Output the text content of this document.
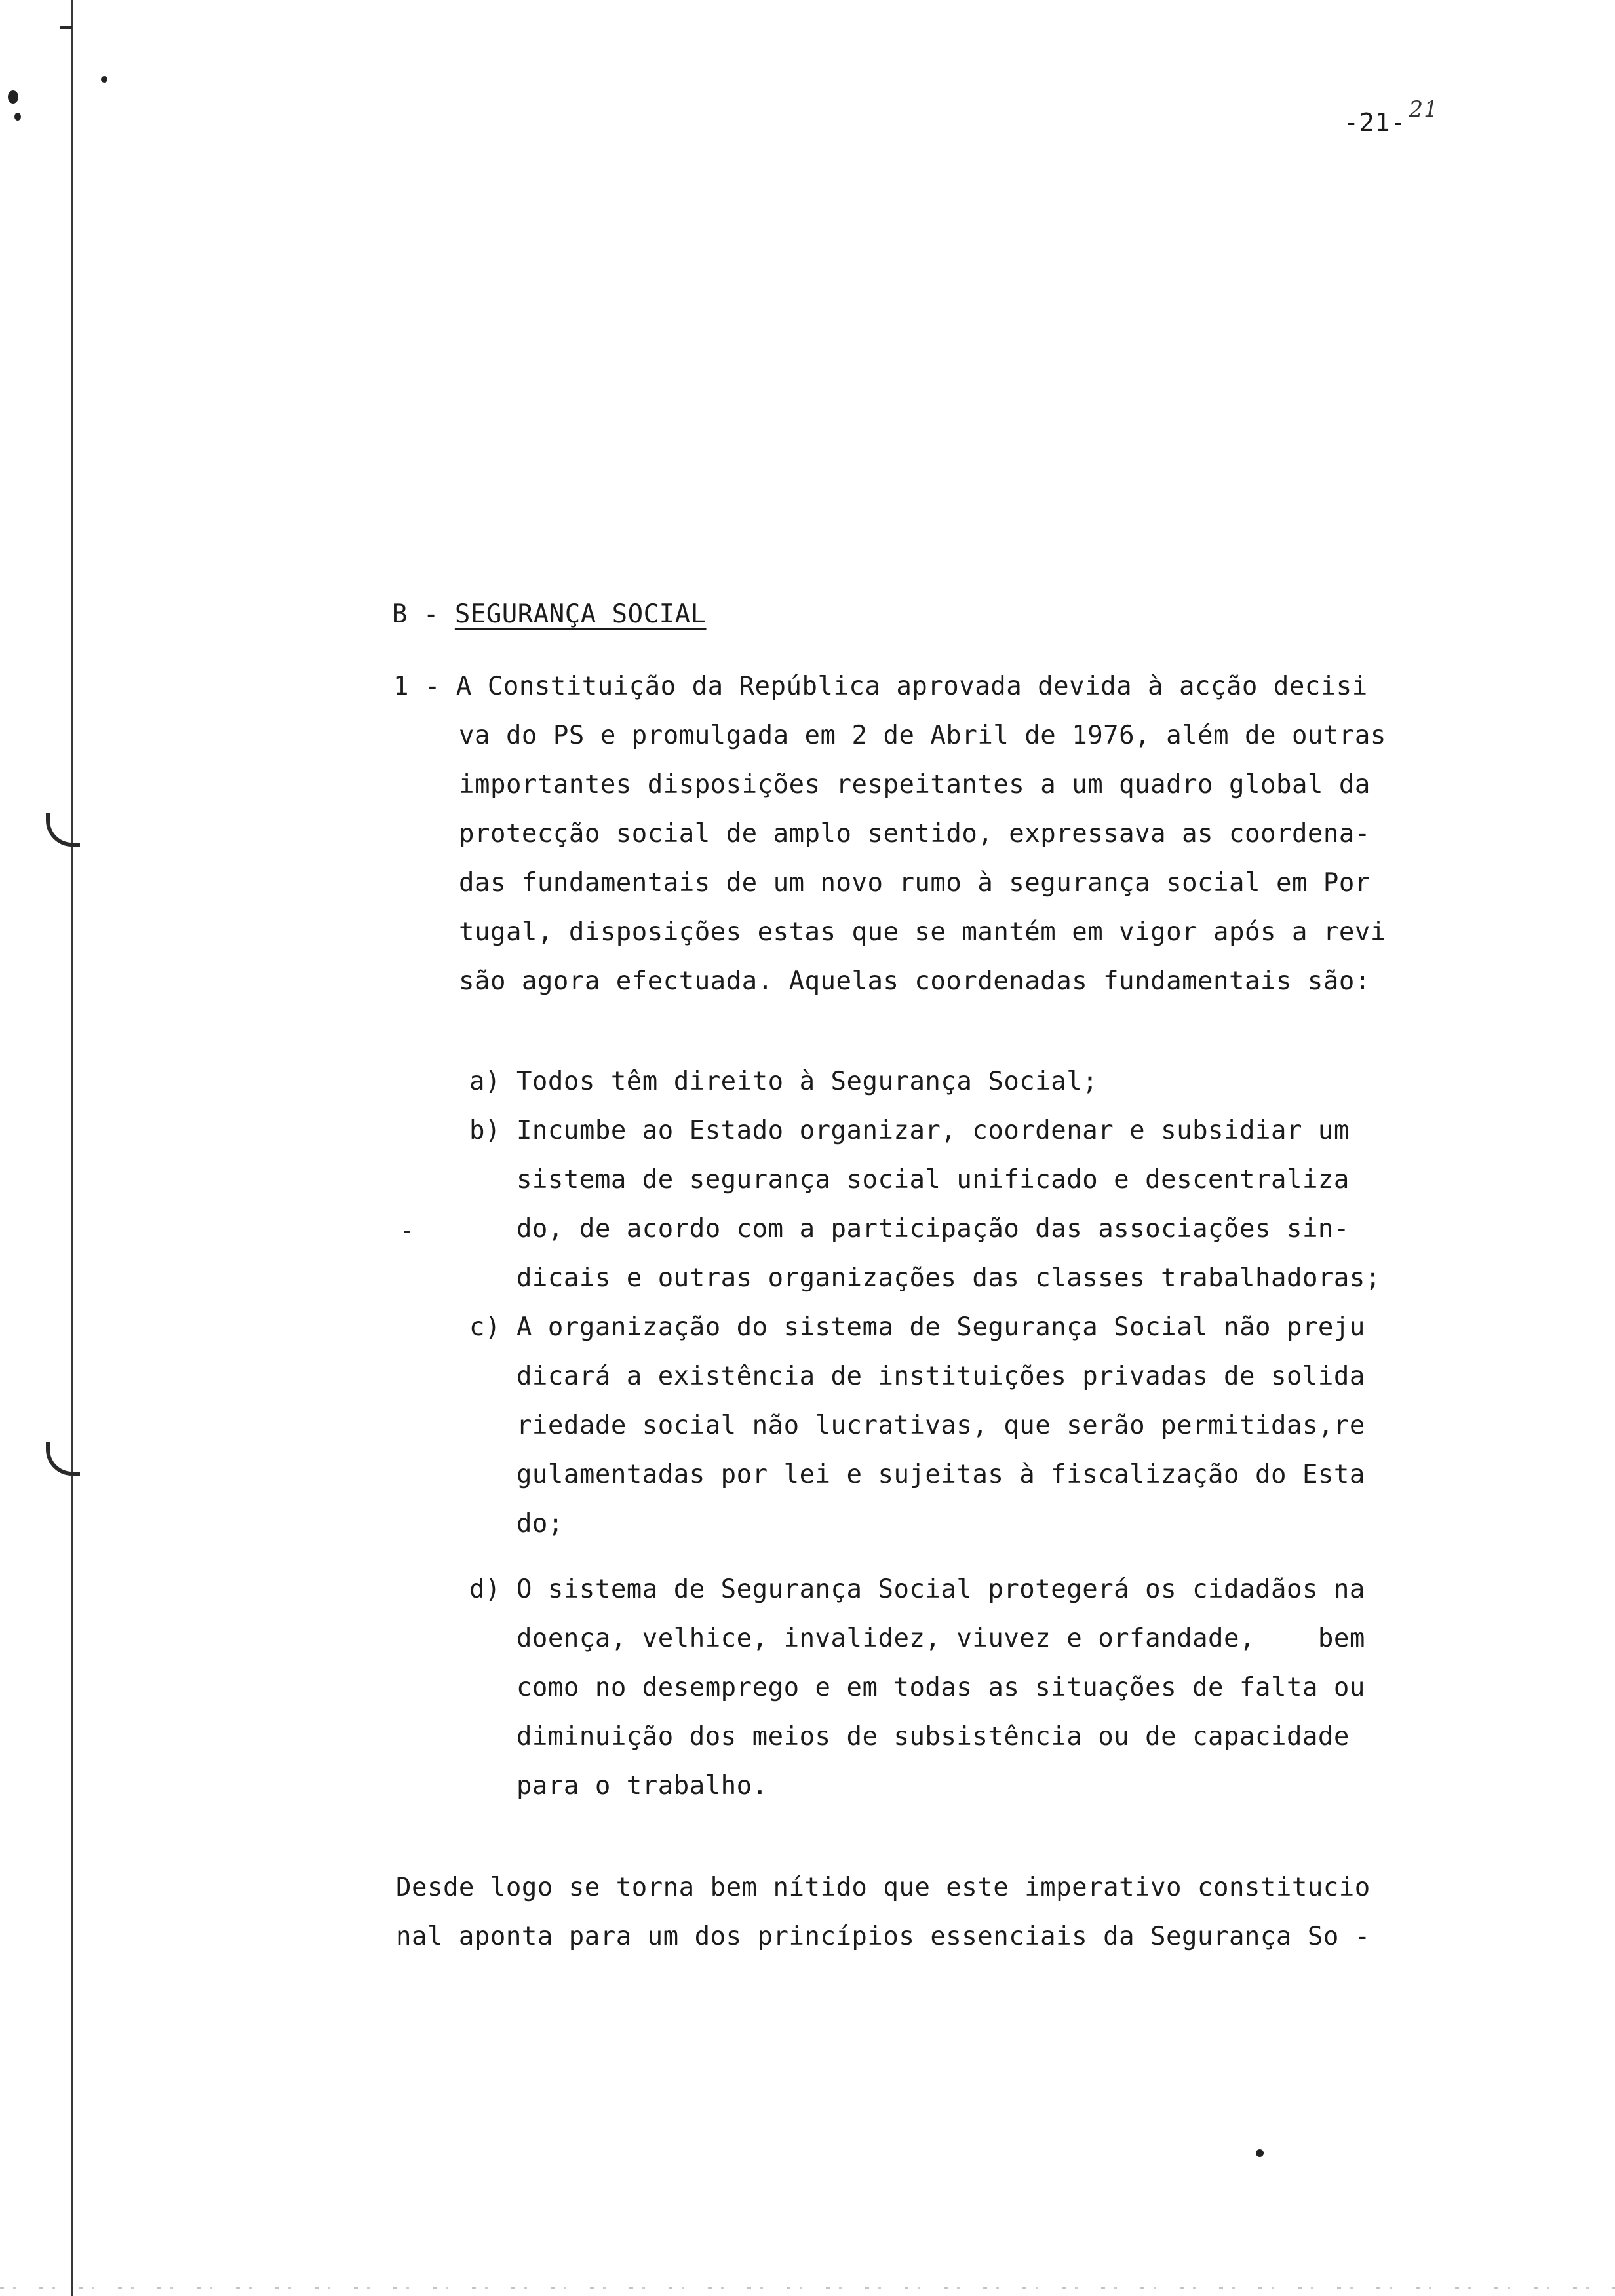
-21- 21

B - SEGURANÇA SOCIAL

1 - A Constituição da República aprovada devida à acção decisi
va do PS e promulgada em 2 de Abril de 1976, além de outras
importantes disposições respeitantes a um quadro global da
protecção social de amplo sentido, expressava as coordena-
das fundamentais de um novo rumo à segurança social em Por
tugal, disposições estas que se mantém em vigor após a revi
são agora efectuada. Aquelas coordenadas fundamentais são:
a) Todos têm direito à Segurança Social;
b) Incumbe ao Estado organizar, coordenar e subsidiar um
sistema de segurança social unificado e descentraliza
do, de acordo com a participação das associações sin-
dicais e outras organizações das classes trabalhadoras;
c) A organização do sistema de Segurança Social não preju
dicará a existência de instituições privadas de solida
riedade social não lucrativas, que serão permitidas,re
gulamentadas por lei e sujeitas à fiscalização do Esta
do;
d) O sistema de Segurança Social protegerá os cidadãos na
doença, velhice, invalidez, viuvez e orfandade,    bem
como no desemprego e em todas as situações de falta ou
diminuição dos meios de subsistência ou de capacidade
para o trabalho.
Desde logo se torna bem nítido que este imperativo constitucio
nal aponta para um dos princípios essenciais da Segurança So -
